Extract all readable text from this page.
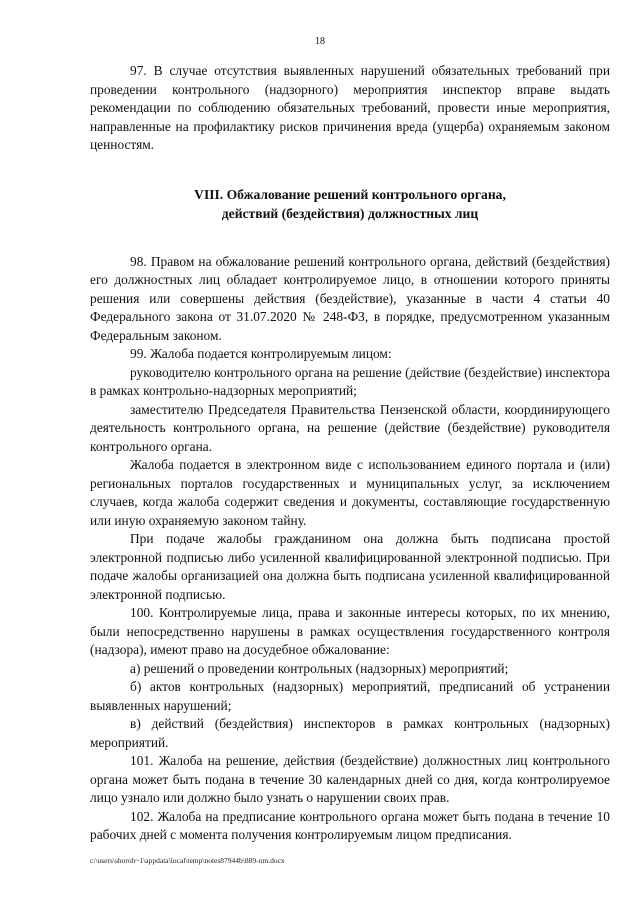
18

97. В случае отсутствия выявленных нарушений обязательных требований при проведении контрольного (надзорного) мероприятия инспектор вправе выдать рекомендации по соблюдению обязательных требований, провести иные мероприятия, направленные на профилактику рисков причинения вреда (ущерба) охраняемым законом ценностям.

VIII. Обжалование решений контрольного органа,
действий (бездействия) должностных лиц

98. Правом на обжалование решений контрольного органа, действий (бездействия) его должностных лиц обладает контролируемое лицо, в отношении которого приняты решения или совершены действия (бездействие), указанные в части 4 статьи 40 Федерального закона от 31.07.2020 № 248-ФЗ, в порядке, предусмотренном указанным Федеральным законом.

99. Жалоба подается контролируемым лицом:

руководителю контрольного органа на решение (действие (бездействие) инспектора в рамках контрольно-надзорных мероприятий;

заместителю Председателя Правительства Пензенской области, координирующего деятельность контрольного органа, на решение (действие (бездействие) руководителя контрольного органа.

Жалоба подается в электронном виде с использованием единого портала и (или) региональных порталов государственных и муниципальных услуг, за исключением случаев, когда жалоба содержит сведения и документы, составляющие государственную или иную охраняемую законом тайну.

При подаче жалобы гражданином она должна быть подписана простой электронной подписью либо усиленной квалифицированной электронной подписью. При подаче жалобы организацией она должна быть подписана усиленной квалифицированной электронной подписью.

100. Контролируемые лица, права и законные интересы которых, по их мнению, были непосредственно нарушены в рамках осуществления государственного контроля (надзора), имеют право на досудебное обжалование:

а) решений о проведении контрольных (надзорных) мероприятий;

б) актов контрольных (надзорных) мероприятий, предписаний об устранении выявленных нарушений;

в) действий (бездействия) инспекторов в рамках контрольных (надзорных) мероприятий.

101. Жалоба на решение, действия (бездействие) должностных лиц контрольного органа может быть подана в течение 30 календарных дней со дня, когда контролируемое лицо узнало или должно было узнать о нарушении своих прав.

102. Жалоба на предписание контрольного органа может быть подана в течение 10 рабочих дней с момента получения контролируемым лицом предписания.

c:\users\shoroh~1\appdata\local\temp\notes87944b\889-nm.docx
